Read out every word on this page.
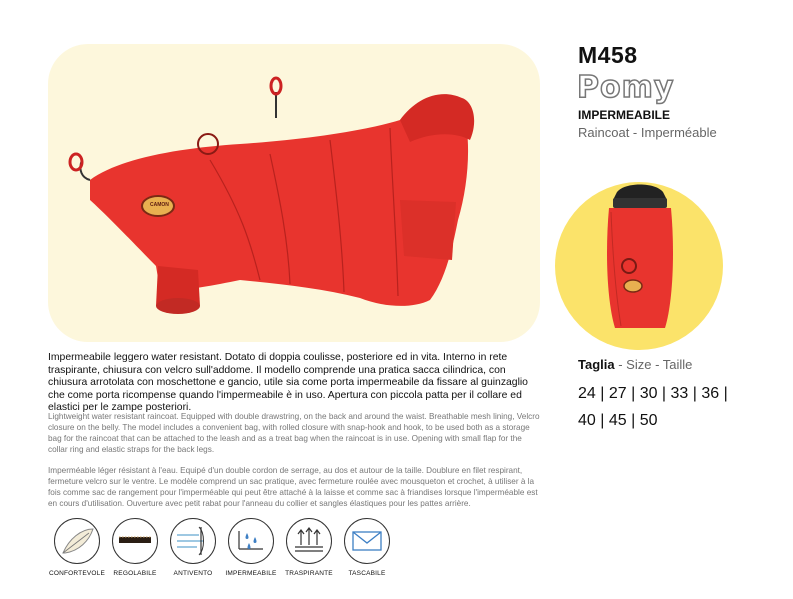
CAMON
M458
Pomy
IMPERMEABILE
Raincoat - Imperméable
Taglia - Size - Taille
24 | 27 | 30 | 33 | 36 |
40 | 45 | 50
Impermeabile leggero water resistant. Dotato di doppia coulisse, posteriore ed in vita. Interno in rete traspirante, chiusura con velcro sull'addome. Il modello comprende una pratica sacca cilindrica, con chiusura arrotolata con moschettone e gancio, utile sia come porta impermeabile da fissare al guinzaglio che come porta ricompense quando l'impermeabile è in uso. Apertura con piccola patta per il collare ed elastici per le zampe posteriori.
Lightweight water resistant raincoat. Equipped with double drawstring, on the back and around the waist. Breathable mesh lining, Velcro closure on the belly. The model includes a convenient bag, with rolled closure with snap-hook and hook, to be used both as a storage bag for the raincoat that can be attached to the leash and as a treat bag when the raincoat is in use. Opening with small flap for the collar ring and elastic straps for the back legs.
Imperméable léger résistant à l'eau. Equipé d'un double cordon de serrage, au dos et autour de la taille. Doublure en filet respirant, fermeture velcro sur le ventre. Le modèle comprend un sac pratique, avec fermeture roulée avec mousqueton et crochet, à utiliser à la fois comme sac de rangement pour l'imperméable qui peut être attaché à la laisse et comme sac à friandises lorsque l'imperméable est en cours d'utilisation. Ouverture avec petit rabat pour l'anneau du collier et sangles élastiques pour les pattes arrière.
CONFORTEVOLE	REGOLABILE	ANTIVENTO	IMPERMEABILE	TRASPIRANTE	TASCABILE
